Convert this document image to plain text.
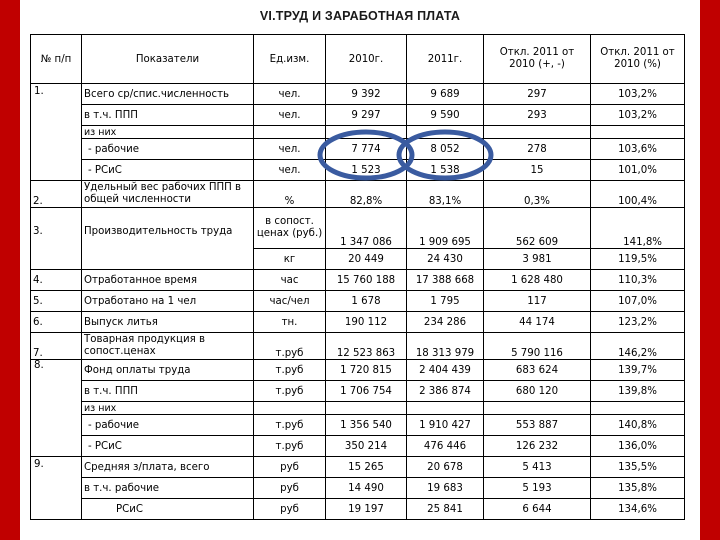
VI.ТРУД И ЗАРАБОТНАЯ ПЛАТА
№ п/п	Показатели	Ед.изм.	2010г.	2011г.	Откл. 2011 от 2010 (+, -)	Откл. 2011 от 2010 (%)
1.	Всего ср/спис.численность	чел.	9 392	9 689	297	103,2%
	в т.ч. ППП	чел.	9 297	9 590	293	103,2%
	из них					
	- рабочие	чел.	7 774	8 052	278	103,6%
	- РСиС	чел.	1 523	1 538	15	101,0%
2.	Удельный вес рабочих ППП в общей численности	%	82,8%	83,1%	0,3%	100,4%
3.	Производительность труда	в сопост. ценах (руб.)	1 347 086	1 909 695	562 609	141,8%
		кг	20 449	24 430	3 981	119,5%
4.	Отработанное время	час	15 760 188	17 388 668	1 628 480	110,3%
5.	Отработано на 1 чел	час/чел	1 678	1 795	117	107,0%
6.	Выпуск литья	тн.	190 112	234 286	44 174	123,2%
7.	Товарная продукция в сопост.ценах	т.руб	12 523 863	18 313 979	5 790 116	146,2%
8.	Фонд оплаты труда	т.руб	1 720 815	2 404 439	683 624	139,7%
	в т.ч. ППП	т.руб	1 706 754	2 386 874	680 120	139,8%
	из них					
	- рабочие	т.руб	1 356 540	1 910 427	553 887	140,8%
	- РСиС	т.руб	350 214	476 446	126 232	136,0%
9.	Средняя з/плата, всего	руб	15 265	20 678	5 413	135,5%
	в т.ч. рабочие	руб	14 490	19 683	5 193	135,8%
	РСиС	руб	19 197	25 841	6 644	134,6%
